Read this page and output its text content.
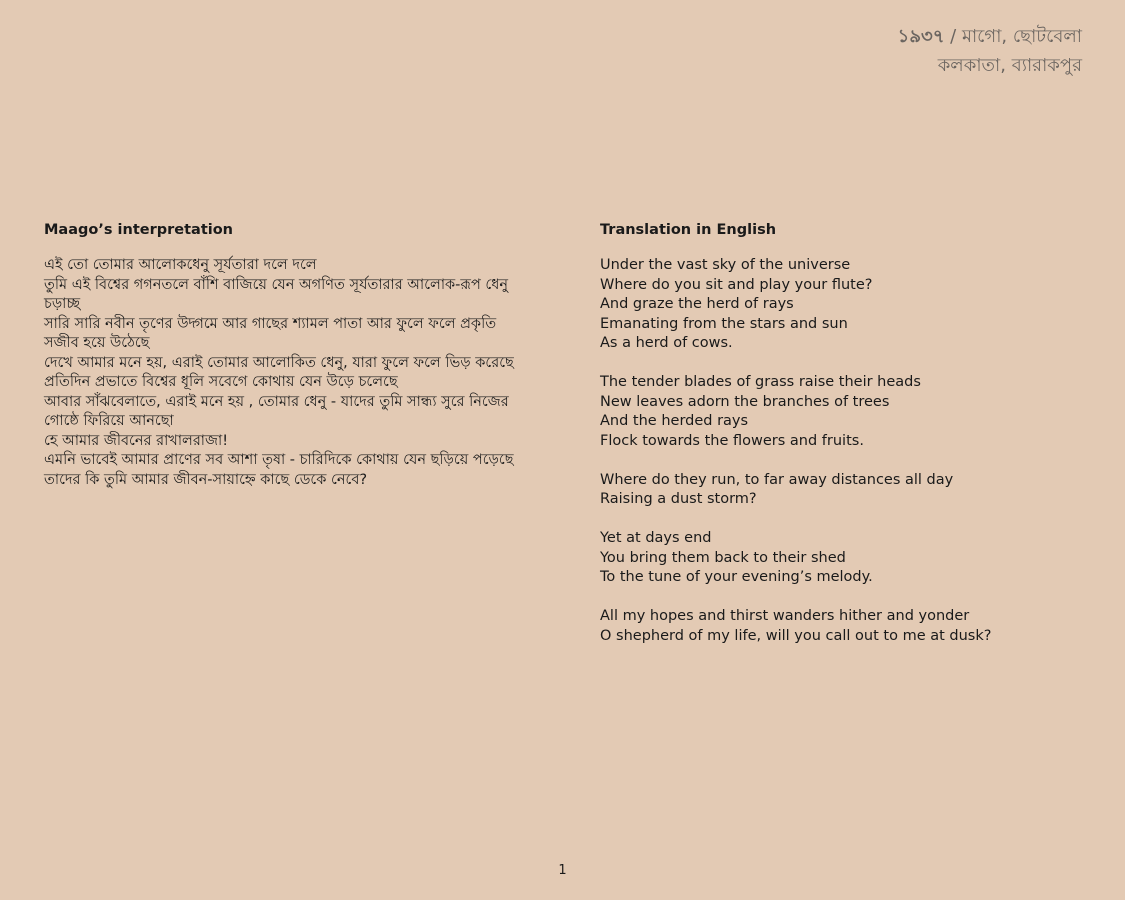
১৯৩৭ / মাগো, ছোটবেলা
কলকাতা, ব্যারাকপুর
Maago’s interpretation
এই তো তোমার আলোকধেনু সূর্যতারা দলে দলে
তুমি এই বিশ্বের গগনতলে বাঁশি বাজিয়ে যেন অগণিত সূর্যতারার আলোক-রূপ ধেনু চড়াচ্ছ
সারি সারি নবীন তৃণের উদ্গমে আর গাছের শ্যামল পাতা আর ফুলে ফলে প্রকৃতি সজীব হয়ে উঠেছে
দেখে আমার মনে হয়, এরাই তোমার আলোকিত ধেনু, যারা ফুলে ফলে ভিড় করেছে
প্রতিদিন প্রভাতে বিশ্বের ধূলি সবেগে কোথায় যেন উড়ে চলেছে
আবার সাঁঝবেলাতে, এরাই মনে হয় , তোমার ধেনু - যাদের তুমি সান্ধ্য সুরে নিজের গোষ্ঠে ফিরিয়ে আনছো
হে আমার জীবনের রাখালরাজা!
এমনি ভাবেই আমার প্রাণের সব আশা তৃষা - চারিদিকে কোথায় যেন ছড়িয়ে পড়েছে
তাদের কি তুমি আমার জীবন-সায়াহ্নে কাছে ডেকে নেবে?
Translation in English
Under the vast sky of the universe
Where do you sit and play your flute?
And graze the herd of rays
Emanating from the stars and sun
As a herd of cows.
The tender blades of grass raise their heads
New leaves adorn the branches of trees
And the herded rays
Flock towards the flowers and fruits.
Where do they run, to far away distances all day
Raising a dust storm?
Yet at days end
You bring them back to their shed
To the tune of your evening’s melody.
All my hopes and thirst wanders hither and yonder
O shepherd of my life, will you call out to me at dusk?
1
